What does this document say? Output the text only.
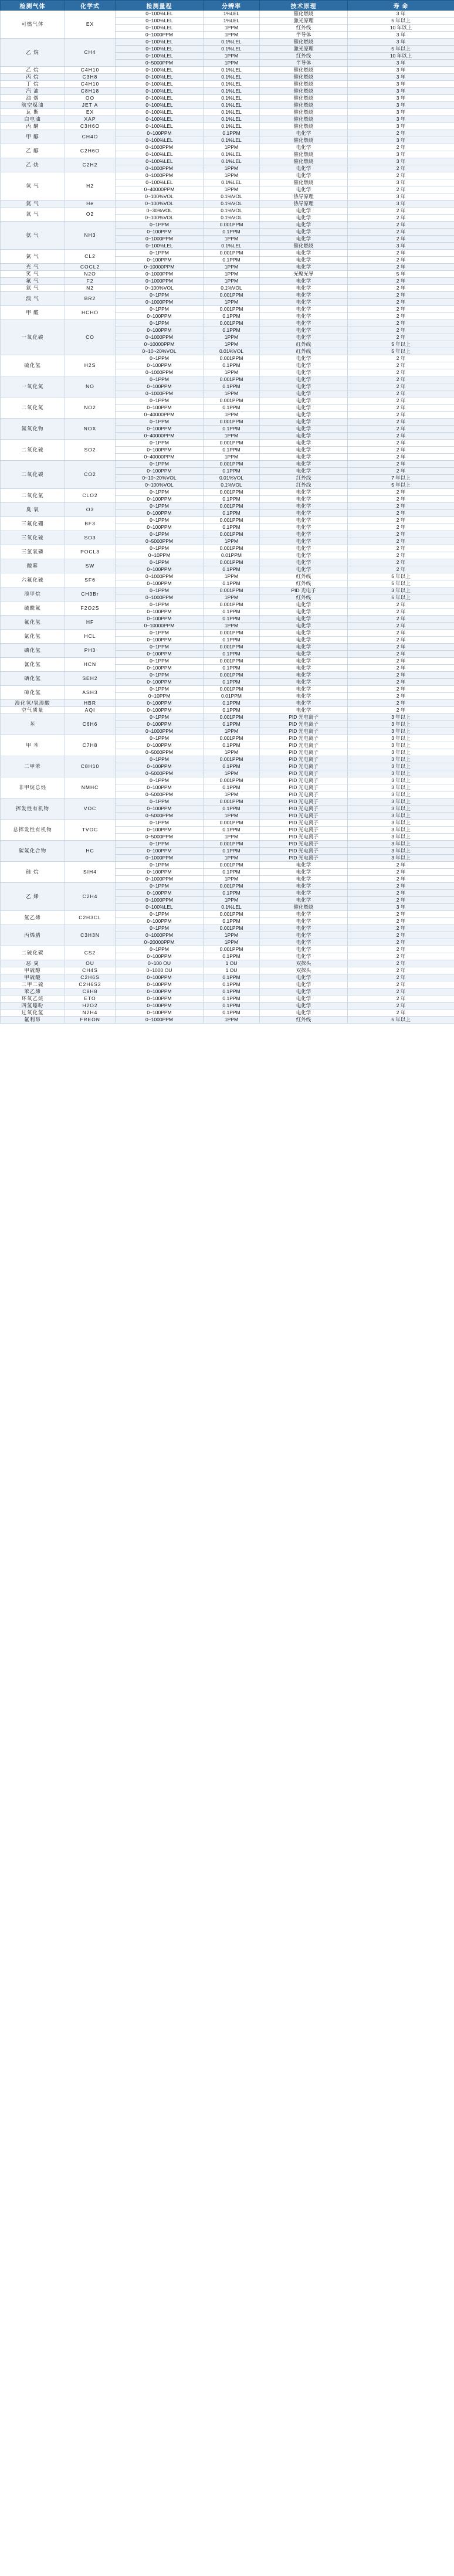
检测气体	化学式	检测量程	分辨率	技术原理	寿 命
可燃气体	EX	0~100%LEL	1%LEL	催化燃烧	3 年
		0~100%LEL	1%LEL	激光原理	5 年以上
		0~100%LEL	1PPM	红外线	10 年以上
		0~1000PPM	1PPM	半导体	3 年
乙 烷	CH4	0~100%LEL	0.1%LEL	催化燃烧	3 年
		0~100%LEL	0.1%LEL	激光原理	5 年以上
		0~100%LEL	1PPM	红外线	10 年以上
		0~5000PPM	1PPM	半导体	3 年
乙 烷	C4H10	0~100%LEL	0.1%LEL	催化燃烧	3 年
丙 烷	C3H8	0~100%LEL	0.1%LEL	催化燃烧	3 年
丁 烷	C4H10	0~100%LEL	0.1%LEL	催化燃烧	3 年
汽 油	C8H18	0~100%LEL	0.1%LEL	催化燃烧	3 年
油 烟	OO	0~100%LEL	0.1%LEL	催化燃烧	3 年
航空煤油	JET A	0~100%LEL	0.1%LEL	催化燃烧	3 年
瓦 斯	EX	0~100%LEL	0.1%LEL	催化燃烧	3 年
白电油	XAP	0~100%LEL	0.1%LEL	催化燃烧	3 年
丙 酮	C3H6O	0~100%LEL	0.1%LEL	催化燃烧	3 年
甲 醇	CH4O	0~100PPM	0.1PPM	电化学	2 年
		0~100%LEL	0.1%LEL	催化燃烧	3 年
乙 醇	C2H6O	0~1000PPM	1PPM	电化学	2 年
		0~100%LEL	0.1%LEL	催化燃烧	3 年
乙 炔	C2H2	0~100%LEL	0.1%LEL	催化燃烧	3 年
		0~1000PPM	1PPM	电化学	2 年
氢 气	H2	0~1000PPM	1PPM	电化学	2 年
		0~100%LEL	0.1%LEL	催化燃烧	3 年
		0~40000PPM	1PPM	电化学	2 年
		0~100%VOL	0.1%VOL	热导原理	3 年
氦 气	He	0~100%VOL	0.1%VOL	热导原理	3 年
氧 气	O2	0~30%VOL	0.1%VOL	电化学	2 年
		0~100%VOL	0.1%VOL	电化学	2 年
氨 气	NH3	0~1PPM	0.001PPM	电化学	2 年
		0~100PPM	0.1PPM	电化学	2 年
		0~1000PPM	1PPM	电化学	2 年
		0~100%LEL	0.1%LEL	催化燃烧	3 年
氯 气	CL2	0~1PPM	0.001PPM	电化学	2 年
		0~100PPM	0.1PPM	电化学	2 年
光 气	COCL2	0~10000PPM	1PPM	电化学	2 年
笑 气	N2O	0~1000PPM	1PPM	光聚光导	5 年
氟 气	F2	0~1000PPM	1PPM	电化学	2 年
氮 气	N2	0~100%VOL	0.1%VOL	电化学	2 年
溴 气	BR2	0~1PPM	0.001PPM	电化学	2 年
		0~1000PPM	1PPM	电化学	2 年
甲 醛	HCHO	0~1PPM	0.001PPM	电化学	2 年
		0~100PPM	0.1PPM	电化学	2 年
一氧化碳	CO	0~1PPM	0.001PPM	电化学	2 年
		0~100PPM	0.1PPM	电化学	2 年
		0~1000PPM	1PPM	电化学	2 年
		0~10000PPM	1PPM	红外线	5 年以上
		0~10~20%VOL	0.01%VOL	红外线	5 年以上
硫化氢	H2S	0~1PPM	0.001PPM	电化学	2 年
		0~100PPM	0.1PPM	电化学	2 年
		0~1000PPM	1PPM	电化学	2 年
一氧化氮	NO	0~1PPM	0.001PPM	电化学	2 年
		0~100PPM	0.1PPM	电化学	2 年
		0~1000PPM	1PPM	电化学	2 年
二氧化氮	NO2	0~1PPM	0.001PPM	电化学	2 年
		0~100PPM	0.1PPM	电化学	2 年
		0~40000PPM	1PPM	电化学	2 年
氮氧化物	NOX	0~1PPM	0.001PPM	电化学	2 年
		0~100PPM	0.1PPM	电化学	2 年
		0~40000PPM	1PPM	电化学	2 年
二氧化硫	SO2	0~1PPM	0.001PPM	电化学	2 年
		0~100PPM	0.1PPM	电化学	2 年
		0~40000PPM	1PPM	电化学	2 年
二氧化碳	CO2	0~1PPM	0.001PPM	电化学	2 年
		0~100PPM	0.1PPM	电化学	2 年
		0~10~20%VOL	0.01%VOL	红外线	7 年以上
		0~100%VOL	0.1%VOL	红外线	5 年以上
二氧化氯	CLO2	0~1PPM	0.001PPM	电化学	2 年
		0~100PPM	0.1PPM	电化学	2 年
臭 氧	O3	0~1PPM	0.001PPM	电化学	2 年
		0~100PPM	0.1PPM	电化学	2 年
三氟化硼	BF3	0~1PPM	0.001PPM	电化学	2 年
		0~100PPM	0.1PPM	电化学	2 年
三氧化硫	SO3	0~1PPM	0.001PPM	电化学	2 年
		0~5000PPM	1PPM	电化学	2 年
三氯氧磷	POCL3	0~1PPM	0.001PPM	电化学	2 年
		0~10PPM	0.01PPM	电化学	2 年
酸雾	SW	0~1PPM	0.001PPM	电化学	2 年
		0~100PPM	0.1PPM	电化学	2 年
六氟化硫	SF6	0~1000PPM	1PPM	红外线	5 年以上
		0~100PPM	0.1PPM	红外线	5 年以上
溴甲烷	CH3Br	0~1PPM	0.001PPM	PID 光电子	3 年以上
		0~1000PPM	1PPM	红外线	5 年以上
硫酰氟	F2O2S	0~1PPM	0.001PPM	电化学	2 年
		0~100PPM	0.1PPM	电化学	2 年
氟化氢	HF	0~100PPM	0.1PPM	电化学	2 年
		0~10000PPM	1PPM	电化学	2 年
氯化氢	HCL	0~1PPM	0.001PPM	电化学	2 年
		0~100PPM	0.1PPM	电化学	2 年
磷化氢	PH3	0~1PPM	0.001PPM	电化学	2 年
		0~100PPM	0.1PPM	电化学	2 年
氰化氢	HCN	0~1PPM	0.001PPM	电化学	2 年
		0~100PPM	0.1PPM	电化学	2 年
硒化氢	SEH2	0~1PPM	0.001PPM	电化学	2 年
		0~100PPM	0.1PPM	电化学	2 年
砷化氢	ASH3	0~1PPM	0.001PPM	电化学	2 年
		0~10PPM	0.01PPM	电化学	2 年
溴化氢/氢溴酸	HBR	0~100PPM	0.1PPM	电化学	2 年
空气质量	AQI	0~100PPM	0.1PPM	电化学	2 年
苯	C6H6	0~1PPM	0.001PPM	PID 光电离子	3 年以上
		0~100PPM	0.1PPM	PID 光电离子	3 年以上
		0~1000PPM	1PPM	PID 光电离子	3 年以上
甲 苯	C7H8	0~1PPM	0.001PPM	PID 光电离子	3 年以上
		0~100PPM	0.1PPM	PID 光电离子	3 年以上
		0~5000PPM	1PPM	PID 光电离子	3 年以上
二甲苯	C8H10	0~1PPM	0.001PPM	PID 光电离子	3 年以上
		0~100PPM	0.1PPM	PID 光电离子	3 年以上
		0~5000PPM	1PPM	PID 光电离子	3 年以上
非甲烷总烃	NMHC	0~1PPM	0.001PPM	PID 光电离子	3 年以上
		0~100PPM	0.1PPM	PID 光电离子	3 年以上
		0~5000PPM	1PPM	PID 光电离子	3 年以上
挥发性有机物	VOC	0~1PPM	0.001PPM	PID 光电离子	3 年以上
		0~100PPM	0.1PPM	PID 光电离子	3 年以上
		0~5000PPM	1PPM	PID 光电离子	3 年以上
总挥发性有机物	TVOC	0~1PPM	0.001PPM	PID 光电离子	3 年以上
		0~100PPM	0.1PPM	PID 光电离子	3 年以上
		0~5000PPM	1PPM	PID 光电离子	3 年以上
碳氢化合物	HC	0~1PPM	0.001PPM	PID 光电离子	3 年以上
		0~100PPM	0.1PPM	PID 光电离子	3 年以上
		0~1000PPM	1PPM	PID 光电离子	3 年以上
硅 烷	SIH4	0~1PPM	0.001PPM	电化学	2 年
		0~100PPM	0.1PPM	电化学	2 年
		0~1000PPM	1PPM	电化学	2 年
乙 烯	C2H4	0~1PPM	0.001PPM	电化学	2 年
		0~100PPM	0.1PPM	电化学	2 年
		0~1000PPM	1PPM	电化学	2 年
		0~100%LEL	0.1%LEL	催化燃烧	3 年
氯乙烯	C2H3CL	0~1PPM	0.001PPM	电化学	2 年
		0~100PPM	0.1PPM	电化学	2 年
丙烯腈	C3H3N	0~1PPM	0.001PPM	电化学	2 年
		0~1000PPM	1PPM	电化学	2 年
		0~20000PPM	1PPM	电化学	2 年
二硫化碳	CS2	0~1PPM	0.001PPM	电化学	2 年
		0~100PPM	0.1PPM	电化学	2 年
恶 臭	OU	0~100 OU	1 OU	双探头	2 年
甲硫醇	CH4S	0~1000 OU	1 OU	双探头	2 年
甲硫醚	C2H6S	0~100PPM	0.1PPM	电化学	2 年
二甲二硫	C2H6S2	0~100PPM	0.1PPM	电化学	2 年
苯乙烯	C8H8	0~100PPM	0.1PPM	电化学	2 年
环氧乙烷	ETO	0~100PPM	0.1PPM	电化学	2 年
四氢噻吩	H2O2	0~100PPM	0.1PPM	电化学	2 年
过氧化氢	N2H4	0~100PPM	0.1PPM	电化学	2 年
氟利昂	FREON	0~1000PPM	1PPM	红外线	5 年以上
